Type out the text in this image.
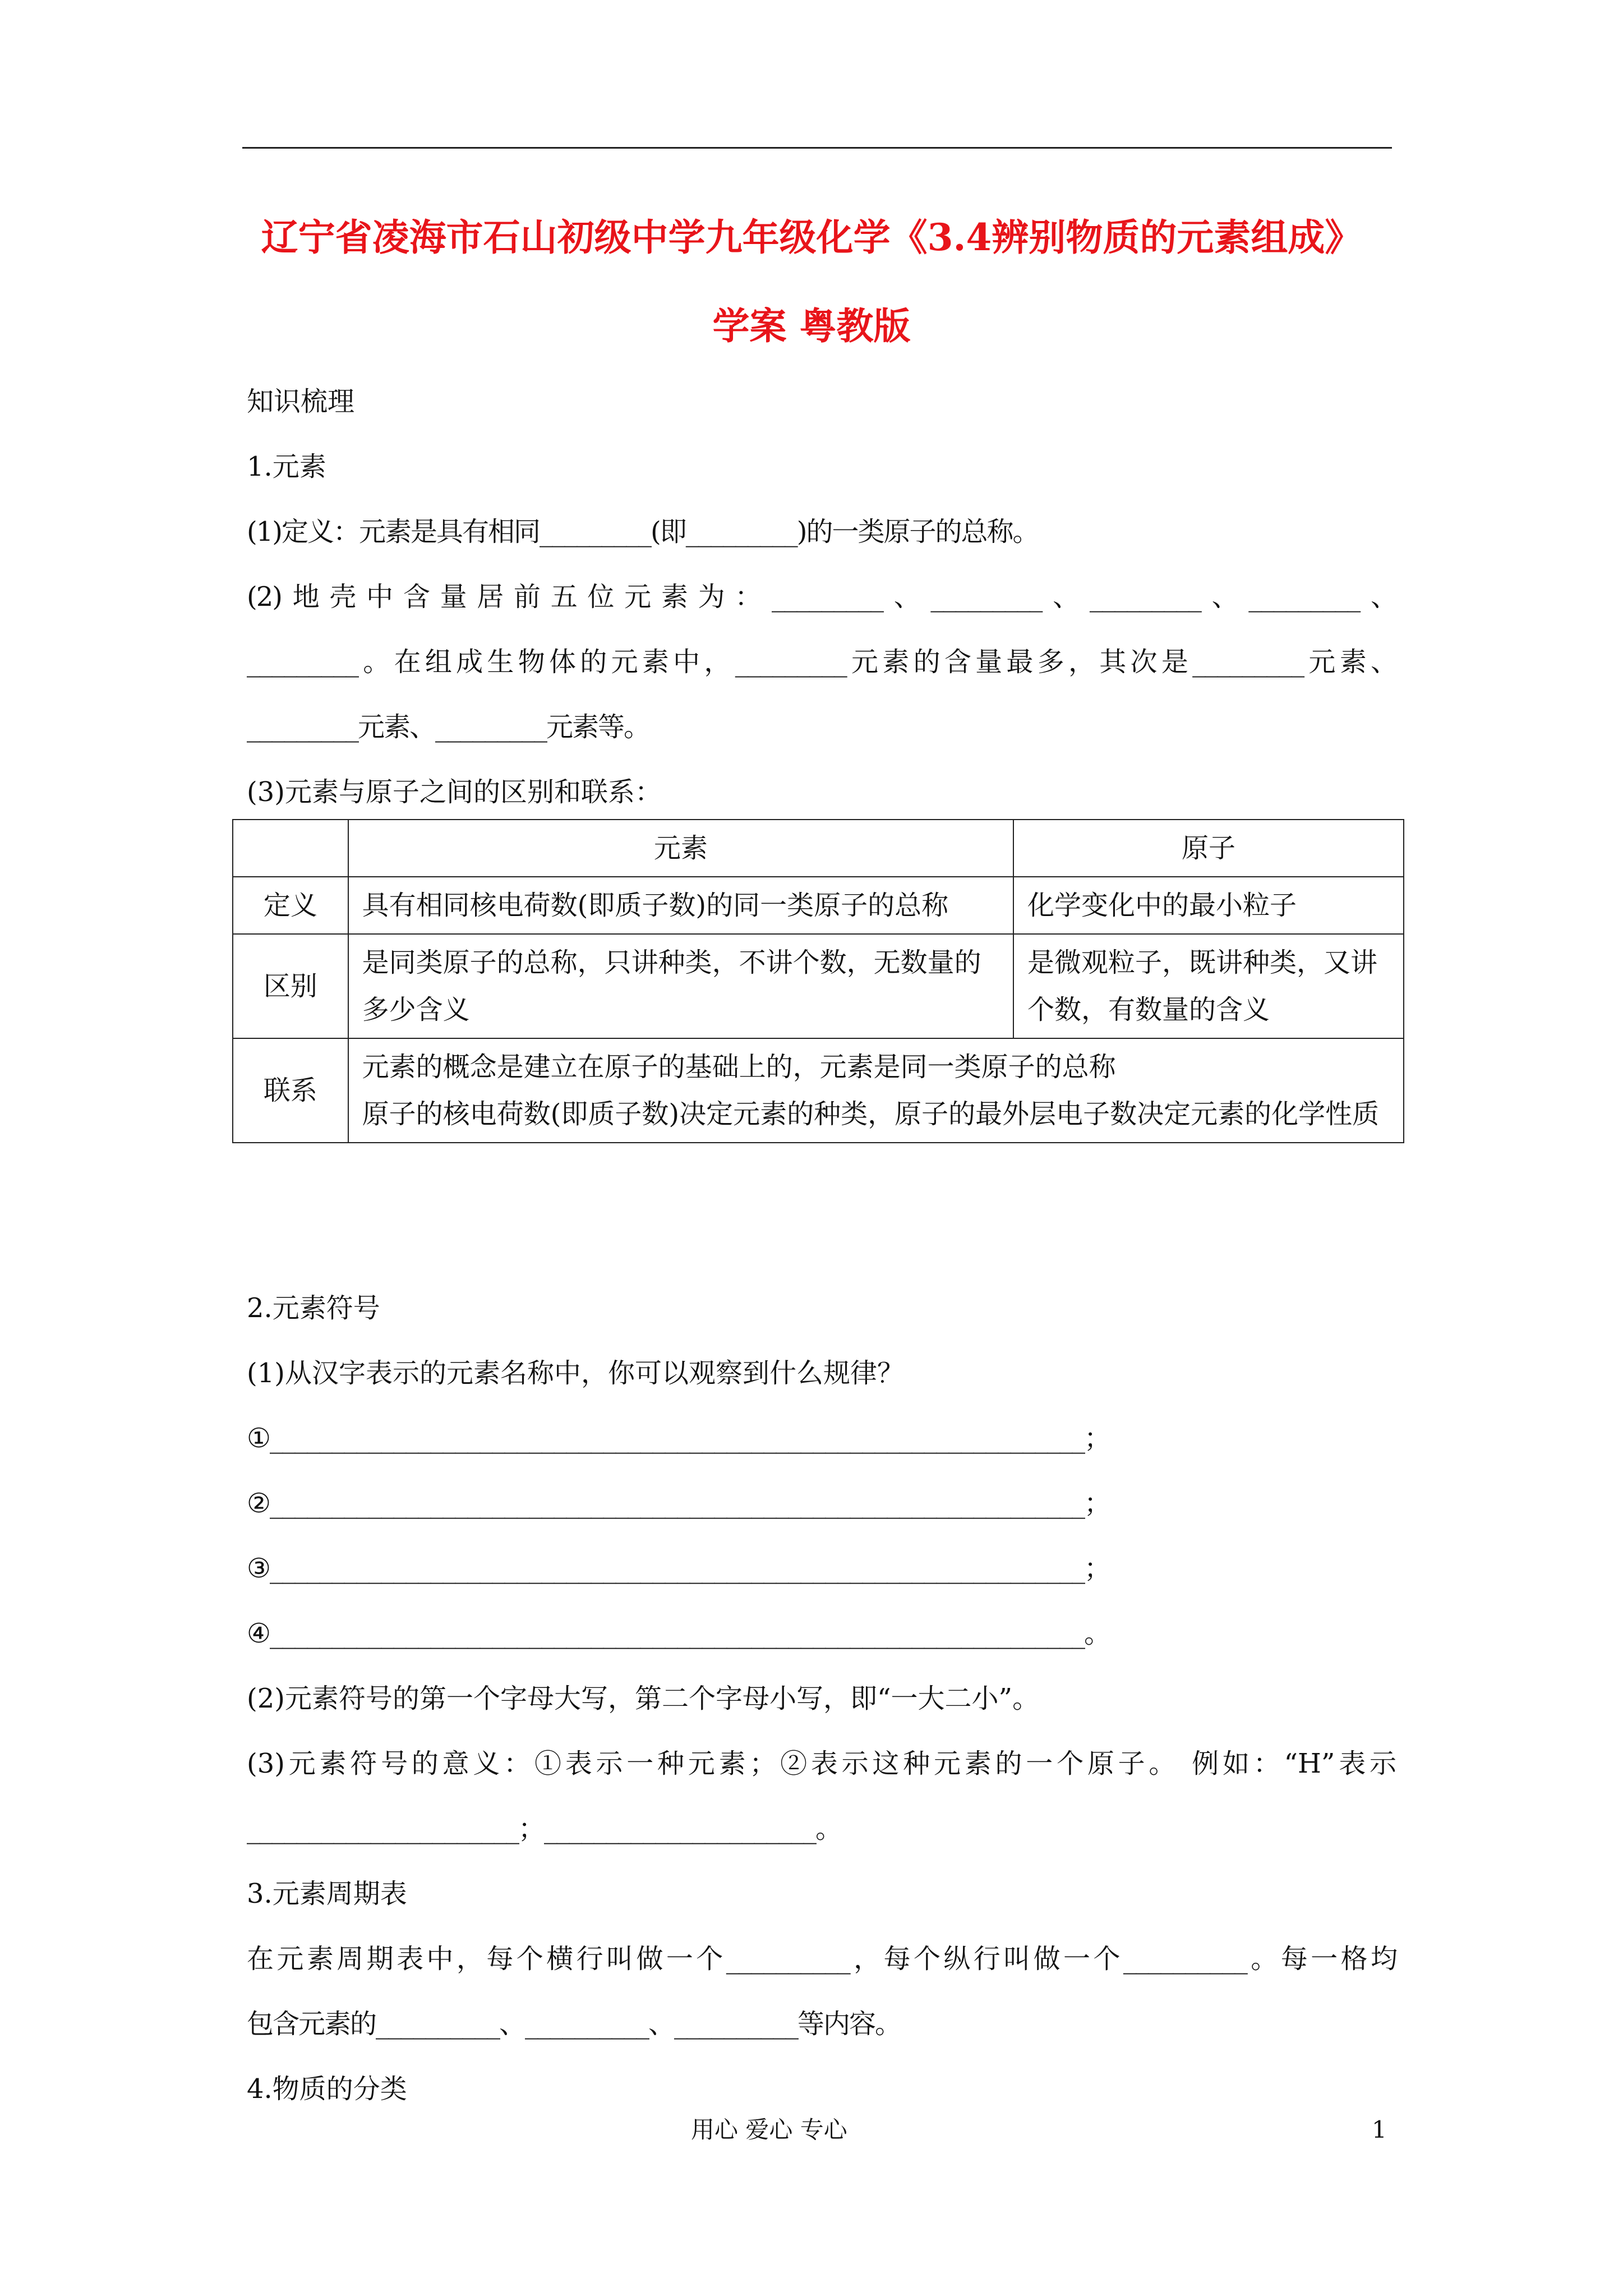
辽宁省凌海市石山初级中学九年级化学《3.4辨别物质的元素组成》
学案 粤教版
知识梳理
1.元素
(1)定义：元素是具有相同_________(即_________)的一类原子的总称。
(2)地壳中含量居前五位元素为：_________、_________、_________、_________、
_________。在组成生物体的元素中，_________元素的含量最多，其次是_________元素、
_________元素、_________元素等。
(3)元素与原子之间的区别和联系：
	元素	原子
定义	具有相同核电荷数(即质子数)的同一类原子的总称	化学变化中的最小粒子
区别	是同类原子的总称，只讲种类，不讲个数，无数量的多少含义	是微观粒子，既讲种类，又讲个数，有数量的含义
联系	元素的概念是建立在原子的基础上的，元素是同一类原子的总称
原子的核电荷数(即质子数)决定元素的种类，原子的最外层电子数决定元素的化学性质	
2.元素符号
(1)从汉字表示的元素名称中，你可以观察到什么规律？
①__________________________________________________________________；
②__________________________________________________________________；
③__________________________________________________________________；
④__________________________________________________________________。
(2)元素符号的第一个字母大写，第二个字母小写，即“一大二小”。
(3)元素符号的意义：①表示一种元素；②表示这种元素的一个原子。 例如：“H”表示
______________________；______________________。
3.元素周期表
在元素周期表中，每个横行叫做一个__________，每个纵行叫做一个__________。每一格均
包含元素的__________、__________、__________等内容。
4.物质的分类
用心 爱心 专心	1
